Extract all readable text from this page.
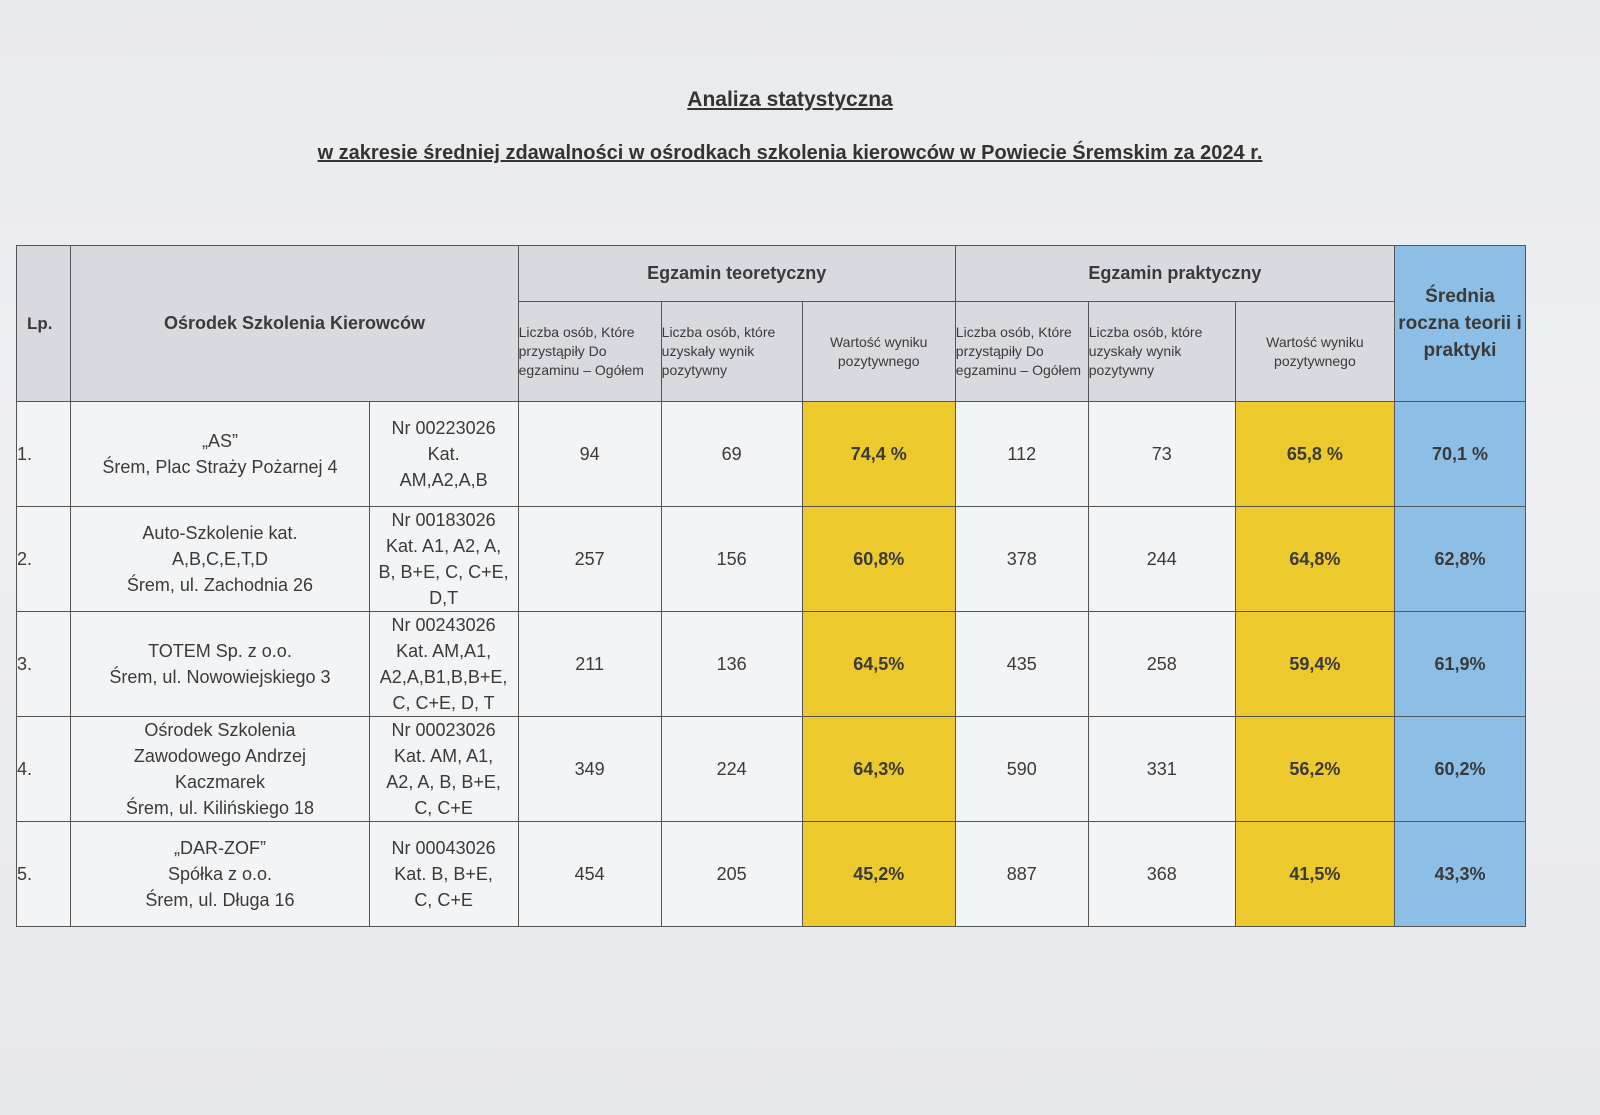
Analiza statystyczna
w zakresie średniej zdawalności w ośrodkach szkolenia kierowców w Powiecie Śremskim za 2024 r.
Lp.	Ośrodek Szkolenia Kierowców		Egzamin teoretyczny			Egzamin praktyczny			Średnia roczna teorii i praktyki
			Liczba osób, Które przystąpiły Do egzaminu – Ogółem	Liczba osób, które uzyskały wynik pozytywny	Wartość wyniku pozytywnego	Liczba osób, Które przystąpiły Do egzaminu – Ogółem	Liczba osób, które uzyskały wynik pozytywny	Wartość wyniku pozytywnego	
1.	„AS”
Śrem, Plac Straży Pożarnej 4	Nr 00223026
Kat.
AM,A2,A,B	94	69	74,4 %	112	73	65,8 %	70,1 %
2.	Auto-Szkolenie kat.
A,B,C,E,T,D
Śrem, ul. Zachodnia 26	Nr 00183026
Kat. A1, A2, A,
B, B+E, C, C+E,
D,T	257	156	60,8%	378	244	64,8%	62,8%
3.	TOTEM Sp. z o.o.
Śrem, ul. Nowowiejskiego 3	Nr 00243026
Kat. AM,A1,
A2,A,B1,B,B+E,
C, C+E, D, T	211	136	64,5%	435	258	59,4%	61,9%
4.	Ośrodek Szkolenia
Zawodowego Andrzej
Kaczmarek
Śrem, ul. Kilińskiego 18	Nr 00023026
Kat. AM, A1,
A2, A, B, B+E,
C, C+E	349	224	64,3%	590	331	56,2%	60,2%
5.	„DAR-ZOF”
Spółka z o.o.
Śrem, ul. Długa 16	Nr 00043026
Kat. B, B+E,
C, C+E	454	205	45,2%	887	368	41,5%	43,3%
